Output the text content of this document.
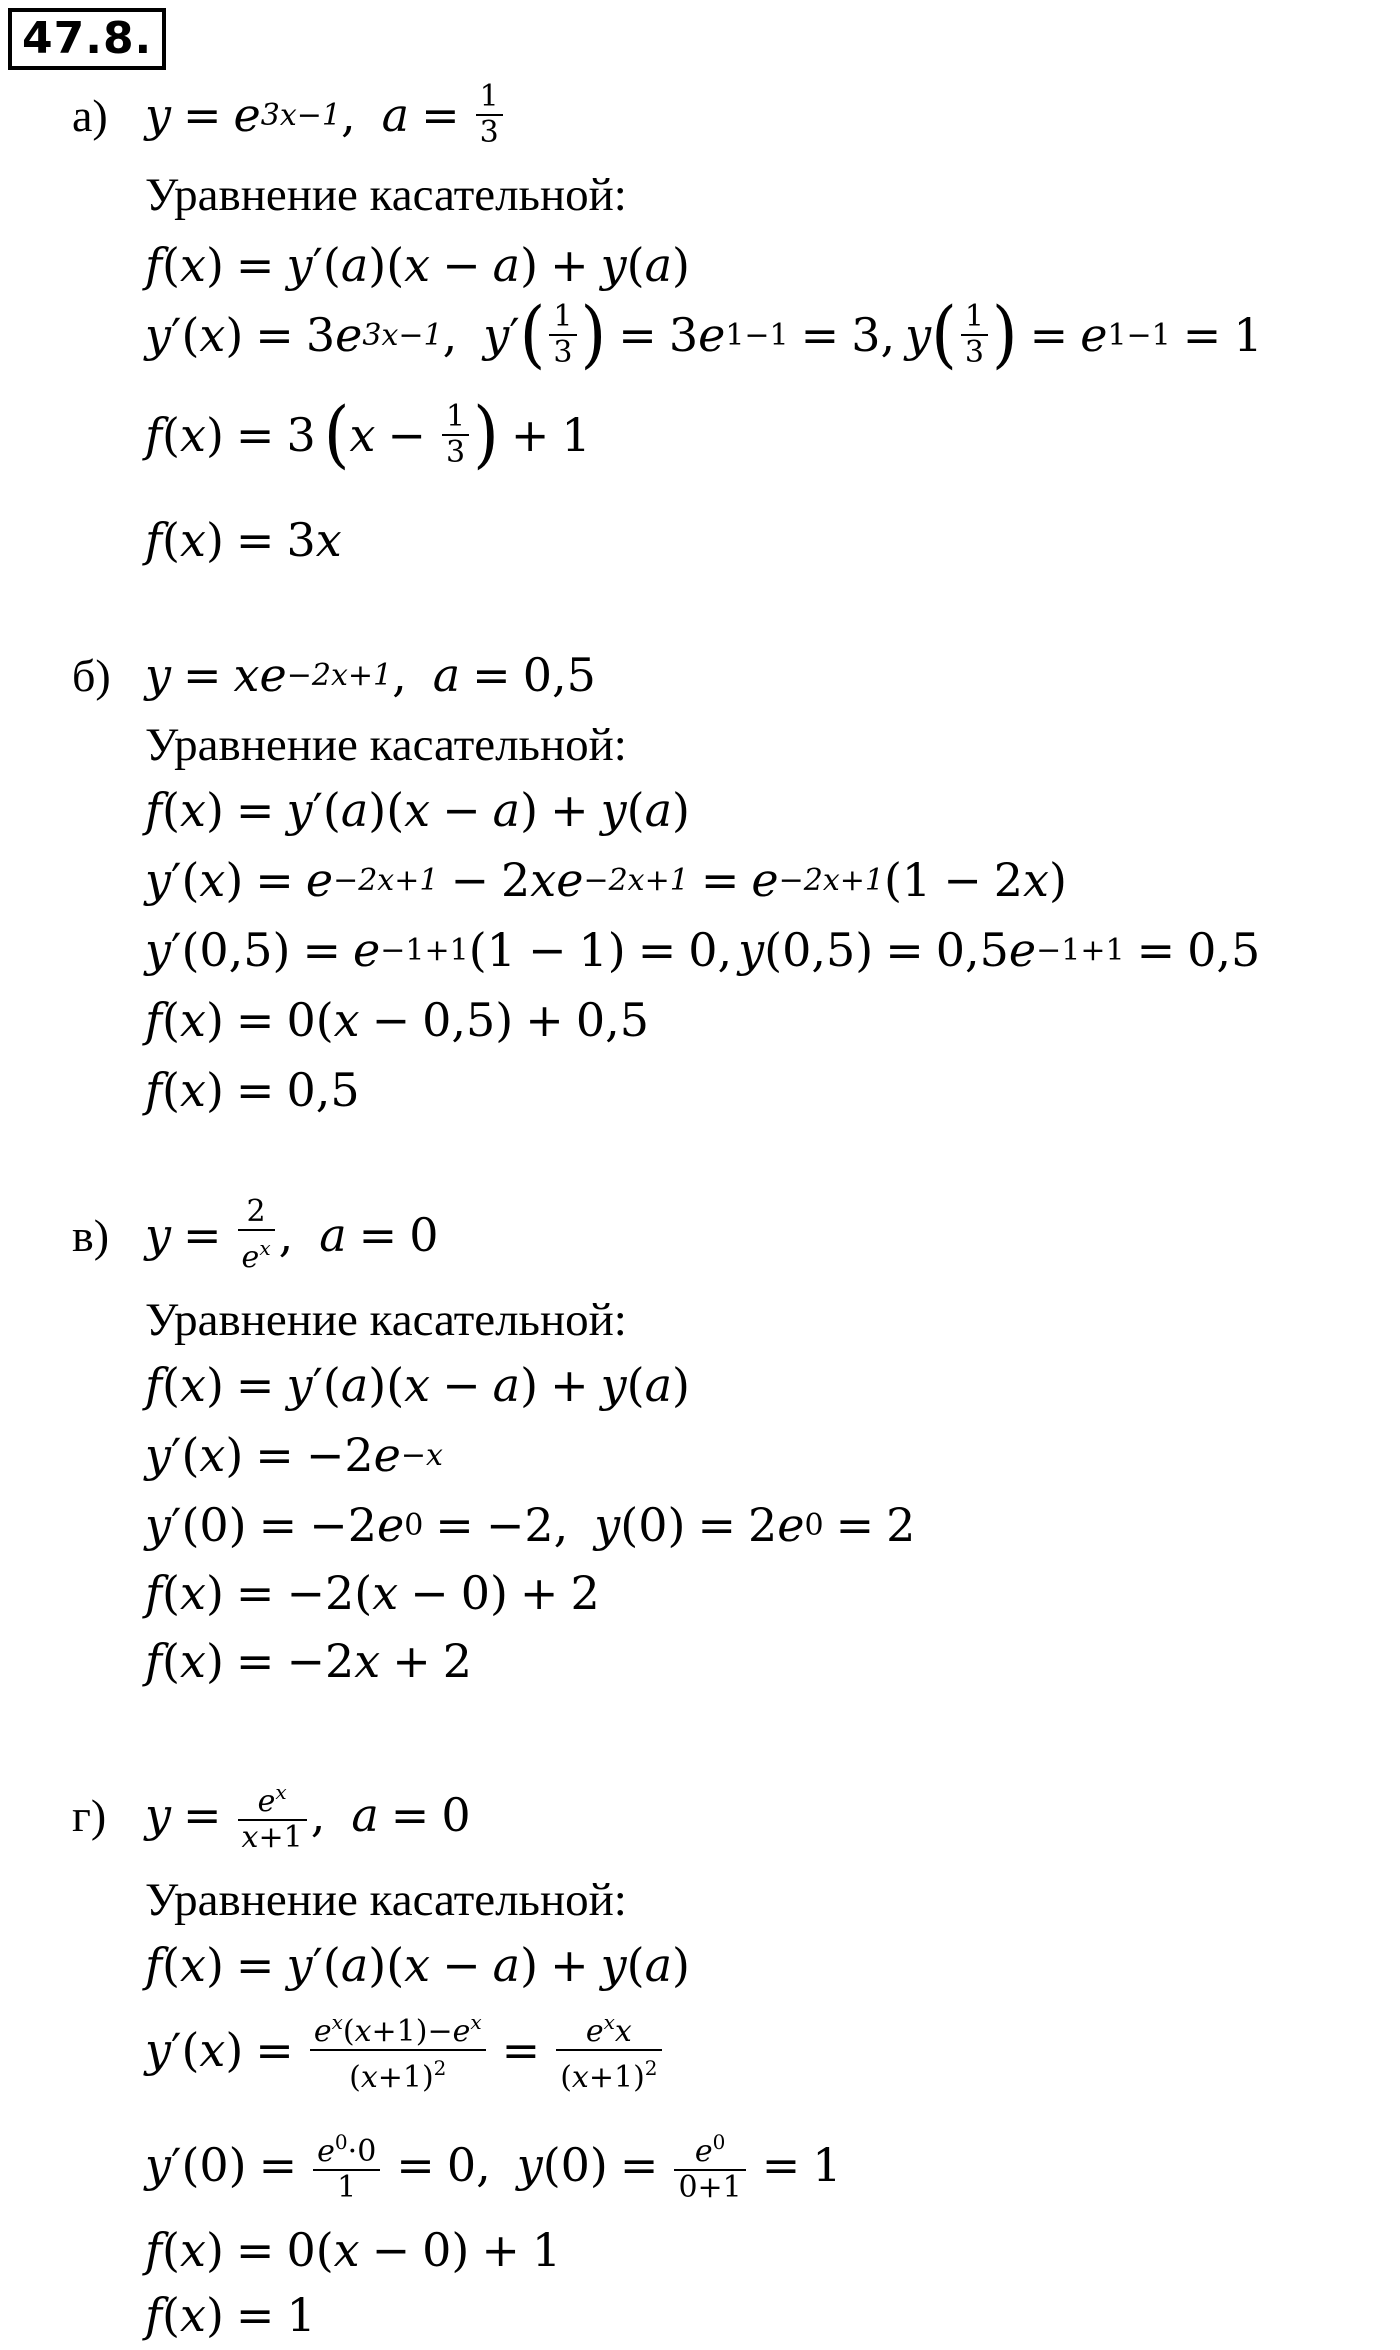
47.8.
а) y = e 3x−1 , $a = \frac{1}{3}$
Уравнение касательной:
f ( x ) = y ′( a )( x − a ) + y ( a )
y ′( x ) = 3 e 3x−1 , y ′ ( $\frac{1}{3}$ ) = 3 e 1−1 = 3, y ( $\frac{1}{3}$ ) = e 1−1 = 1
f ( x ) = 3 ( $x - \frac{1}{3}$ ) + 1
f ( x ) = 3 x
б) y = xe −2x+1 , a = 0,5
Уравнение касательной:
f ( x ) = y ′( a )( x − a ) + y ( a )
y ′( x ) = e −2x+1 − 2 xe −2x+1 = e −2x+1 (1 − 2 x )
y ′(0,5) = e −1+1 (1 − 1) = 0, y (0,5) = 0,5 e −1+1 = 0,5
f ( x ) = 0( x − 0,5) + 0,5
f ( x ) = 0,5
в) $y = \frac{2}{e^x}$ , a = 0
Уравнение касательной:
f ( x ) = y ′( a )( x − a ) + y ( a )
y ′( x ) = −2 e −x
y ′(0) = −2 e 0 = −2, y (0) = 2 e 0 = 2
f ( x ) = −2( x − 0) + 2
f ( x ) = −2 x + 2
г) $y = \frac{e^x}{x+1}$ , a = 0
Уравнение касательной:
f ( x ) = y ′( a )( x − a ) + y ( a )
y ′( x ) = $\frac{e^x(x+1)-e^x}{(x+1)^2} = \frac{e^xx}{(x+1)^2}$
y $'(0) = \frac{e^0\cdot 0}{1} = 0$, y $(0) = \frac{e^0}{0+1} = 1$
f ( x ) = 0( x − 0) + 1
f ( x ) = 1
